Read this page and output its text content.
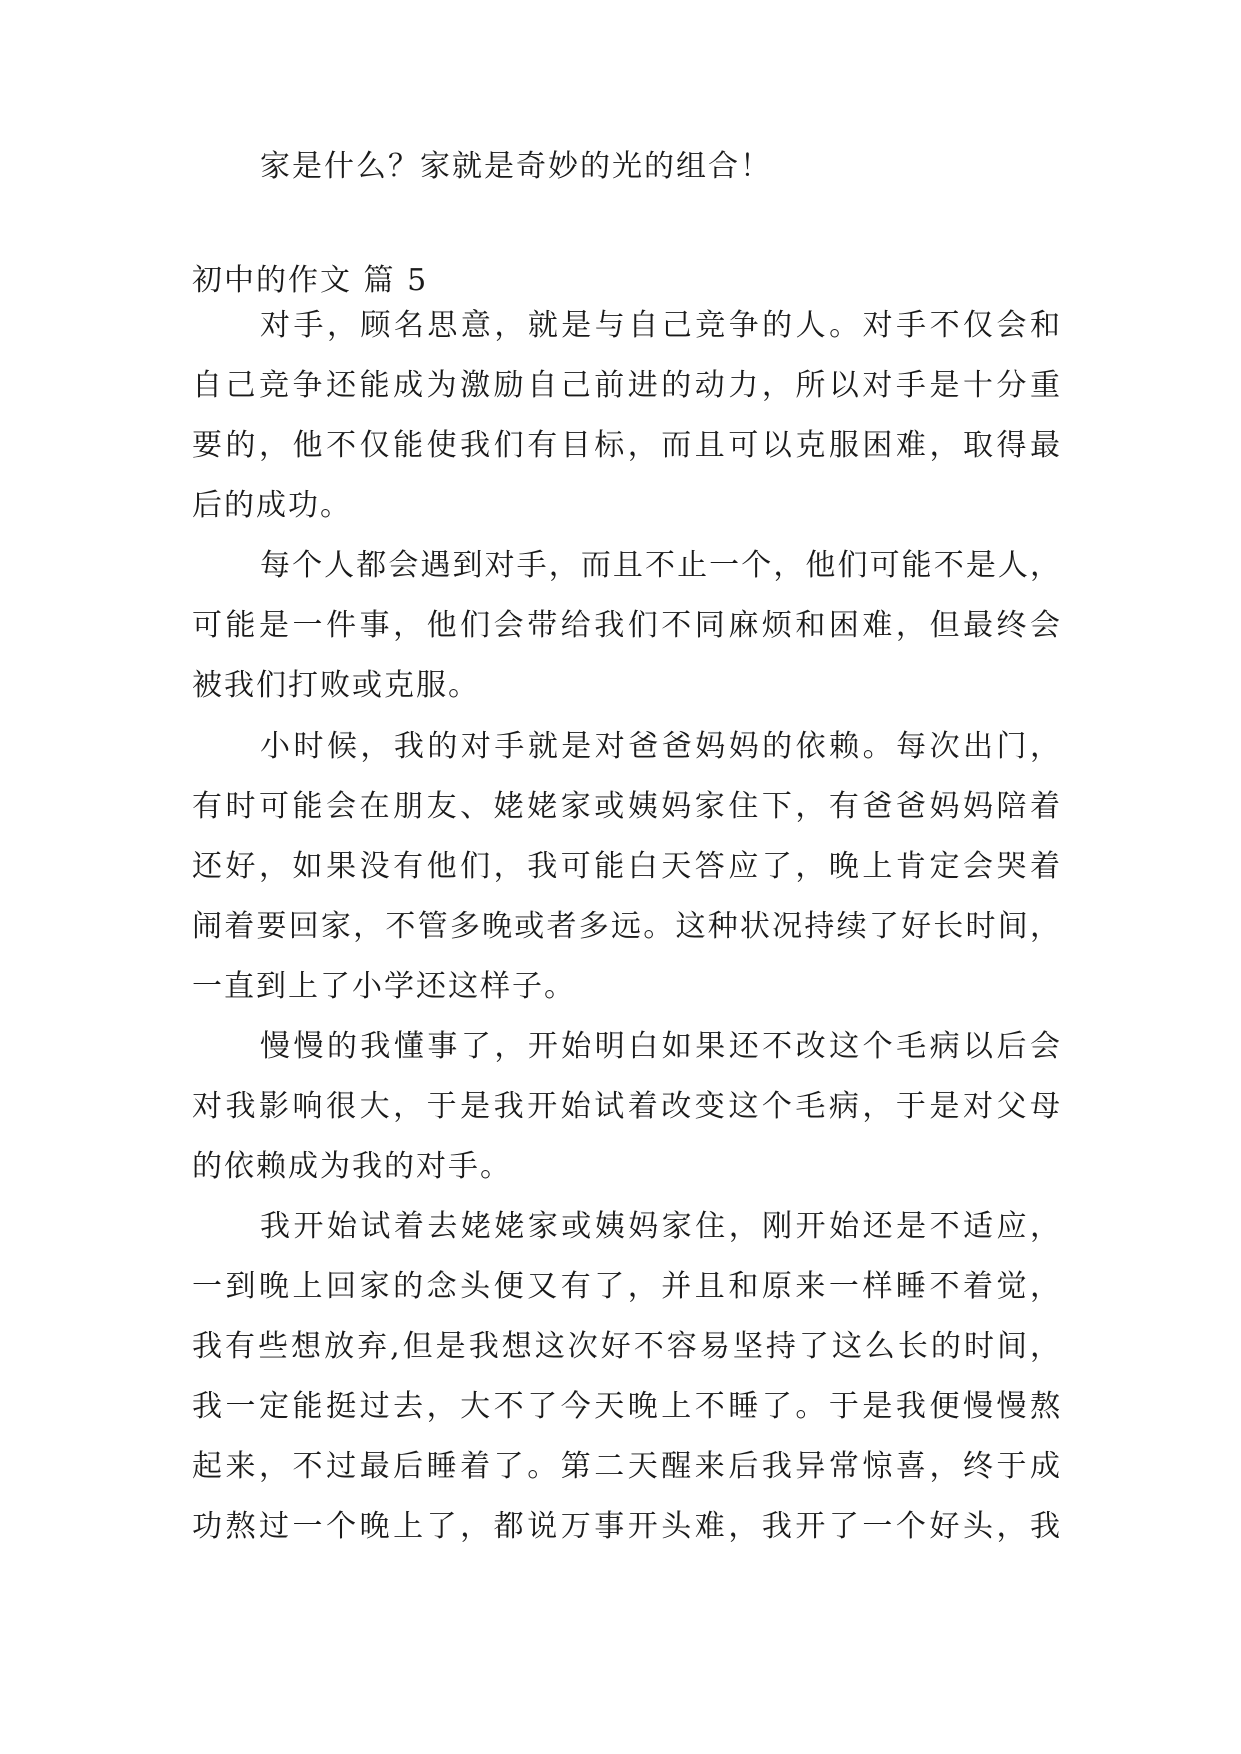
家是什么？家就是奇妙的光的组合！
初中的作文 篇 5
对手，顾名思意，就是与自己竞争的人。对手不仅会和
自己竞争还能成为激励自己前进的动力，所以对手是十分重
要的，他不仅能使我们有目标，而且可以克服困难，取得最
后的成功。
每个人都会遇到对手，而且不止一个，他们可能不是人，
可能是一件事，他们会带给我们不同麻烦和困难，但最终会
被我们打败或克服。
小时候，我的对手就是对爸爸妈妈的依赖。每次出门，
有时可能会在朋友、姥姥家或姨妈家住下，有爸爸妈妈陪着
还好，如果没有他们，我可能白天答应了，晚上肯定会哭着
闹着要回家，不管多晚或者多远。这种状况持续了好长时间，
一直到上了小学还这样子。
慢慢的我懂事了，开始明白如果还不改这个毛病以后会
对我影响很大，于是我开始试着改变这个毛病，于是对父母
的依赖成为我的对手。
我开始试着去姥姥家或姨妈家住，刚开始还是不适应，
一到晚上回家的念头便又有了，并且和原来一样睡不着觉，
我有些想放弃,但是我想这次好不容易坚持了这么长的时间，
我一定能挺过去，大不了今天晚上不睡了。于是我便慢慢熬
起来，不过最后睡着了。第二天醒来后我异常惊喜，终于成
功熬过一个晚上了，都说万事开头难，我开了一个好头，我
